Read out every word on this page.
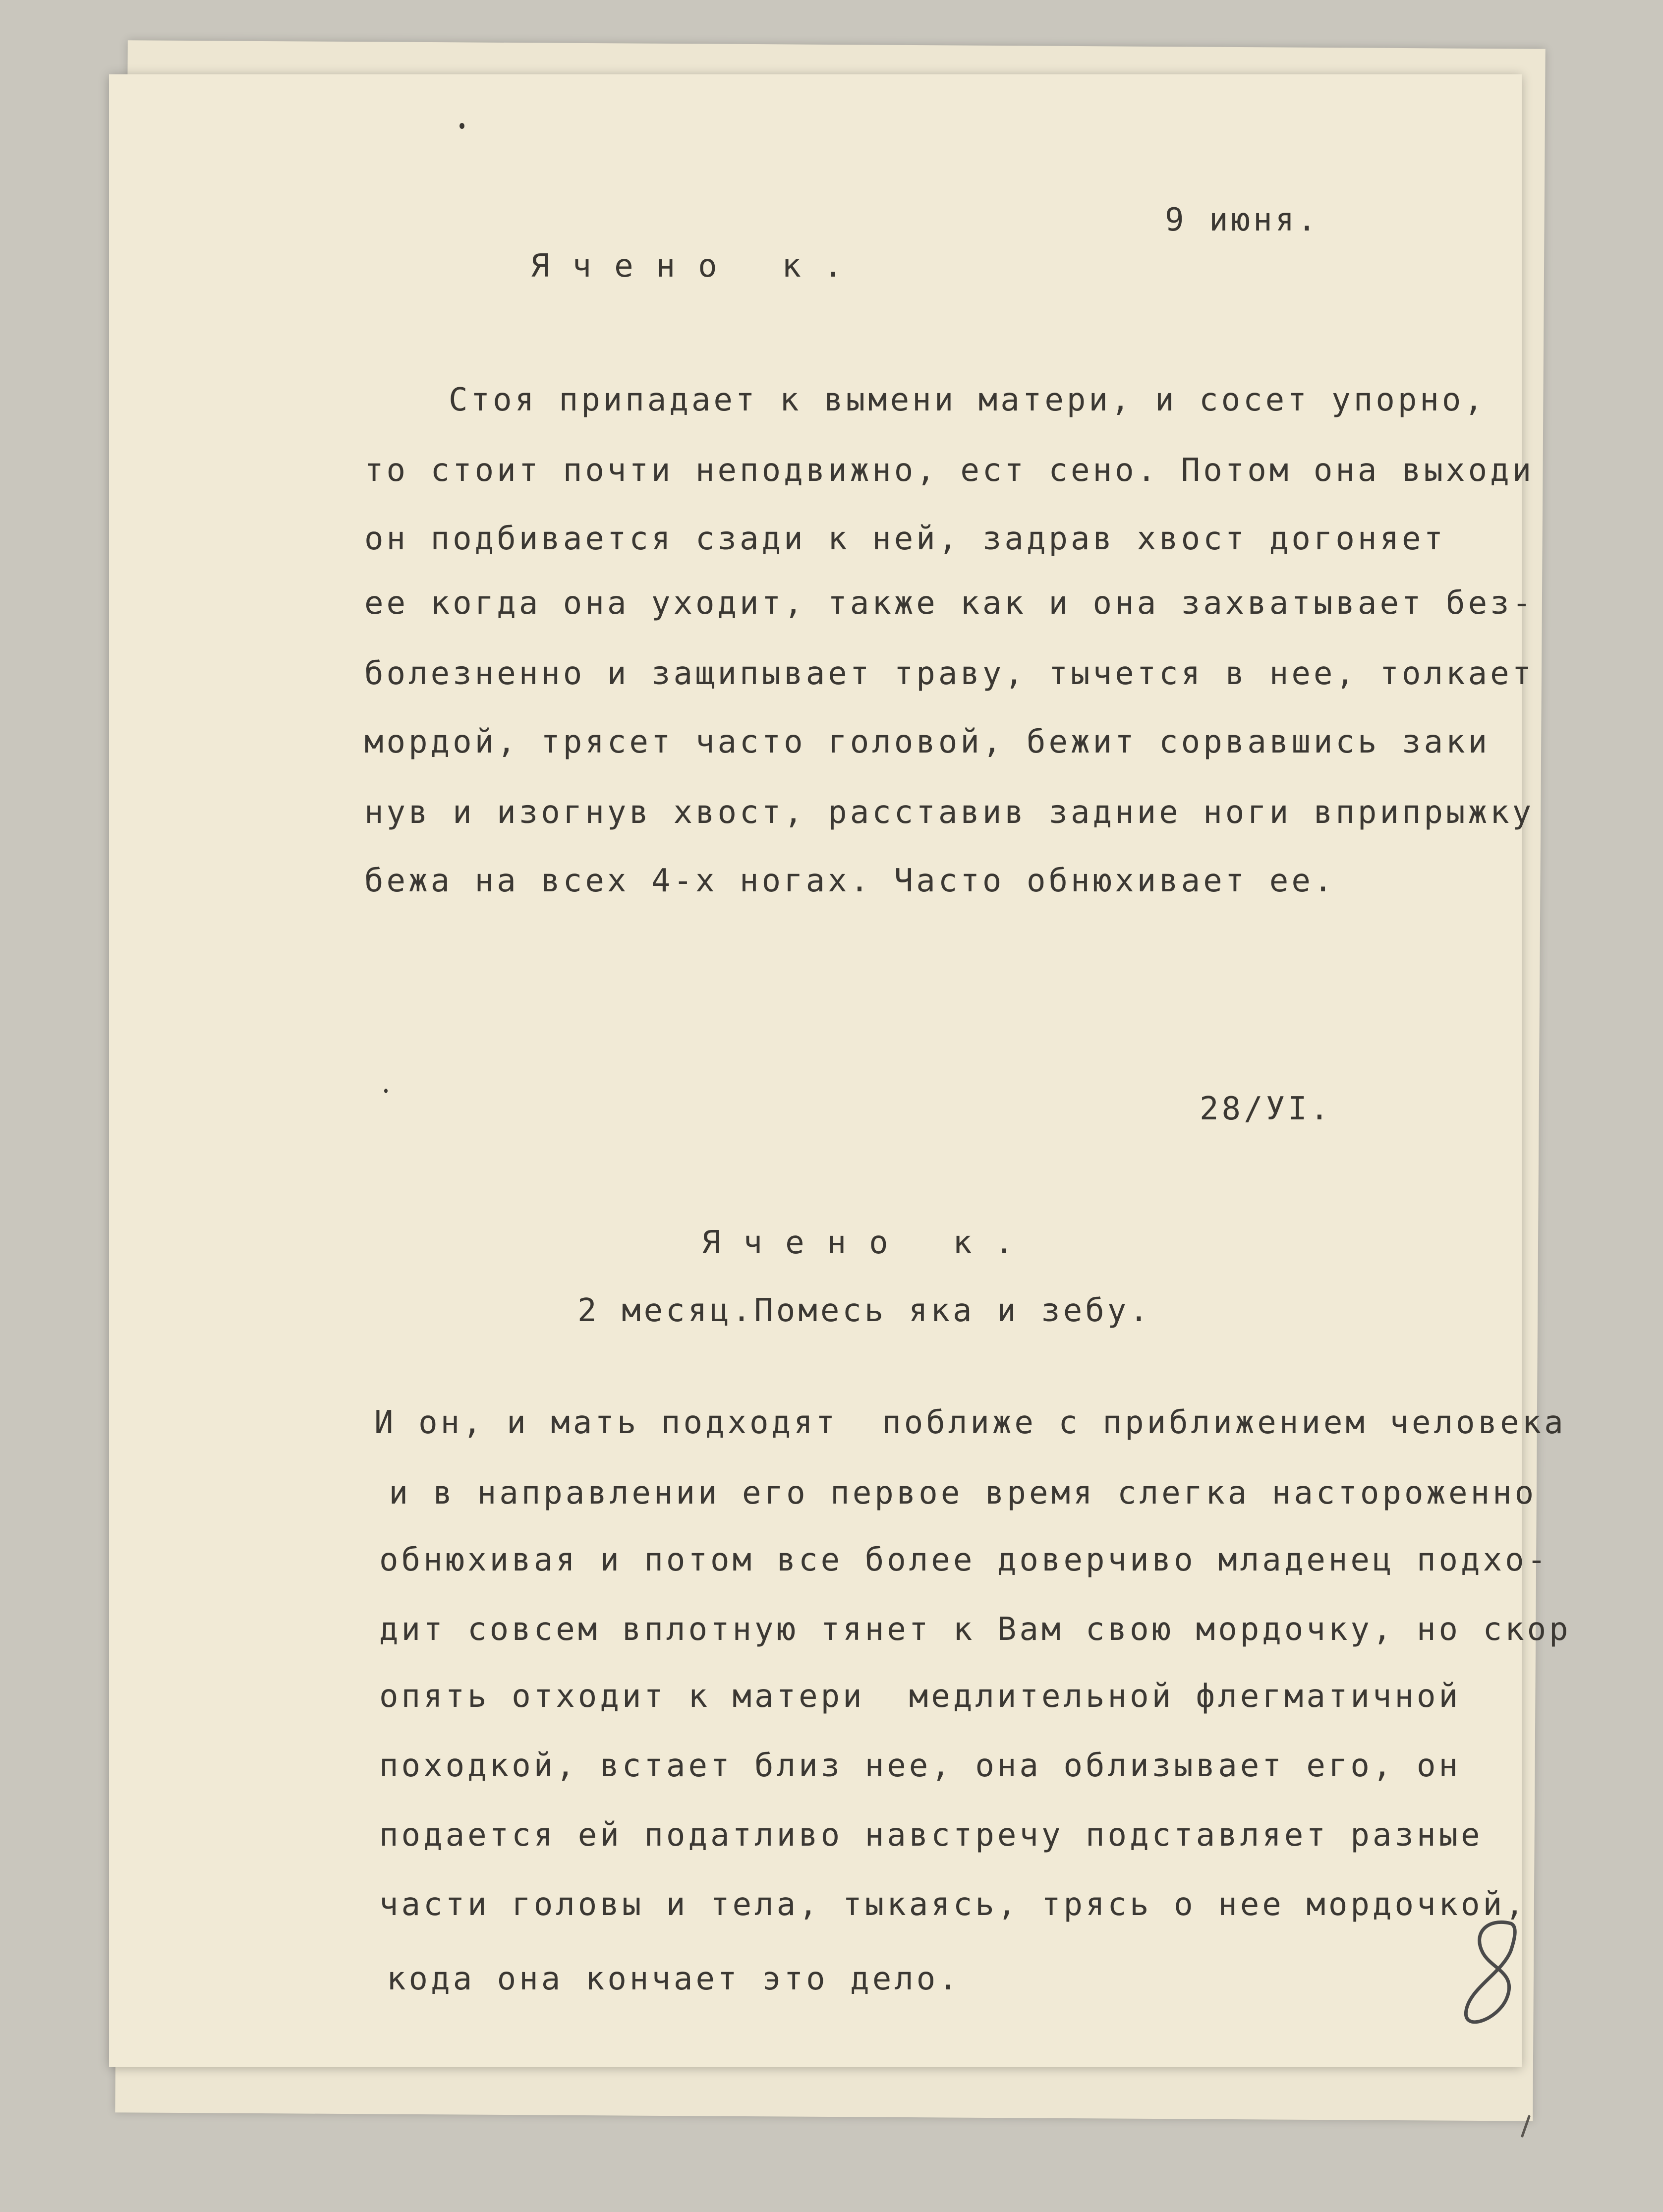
9 июня.
Ячено к.
Стоя припадает к вымени матери, и сосет упорно,
то стоит почти неподвижно, ест сено. Потом она выходи
он подбивается сзади к ней, задрав хвост догоняет
ее когда она уходит, также как и она захватывает без-
болезненно и защипывает траву, тычется в нее, толкает
мордой, трясет часто головой, бежит сорвавшись заки
нув и изогнув хвост, расставив задние ноги вприпрыжку
бежа на всех 4-х ногах. Часто обнюхивает ее.
28/УI.
Ячено к.
2 месяц.Помесь яка и зебу.
И он, и мать подходят  поближе с приближением человека
и в направлении его первое время слегка настороженно
обнюхивая и потом все более доверчиво младенец подхо-
дит совсем вплотную тянет к Вам свою мордочку, но скор
опять отходит к матери  медлительной флегматичной
походкой, встает близ нее, она облизывает его, он
подается ей податливо навстречу подставляет разные
части головы и тела, тыкаясь, трясь о нее мордочкой,
кода она кончает это дело.
